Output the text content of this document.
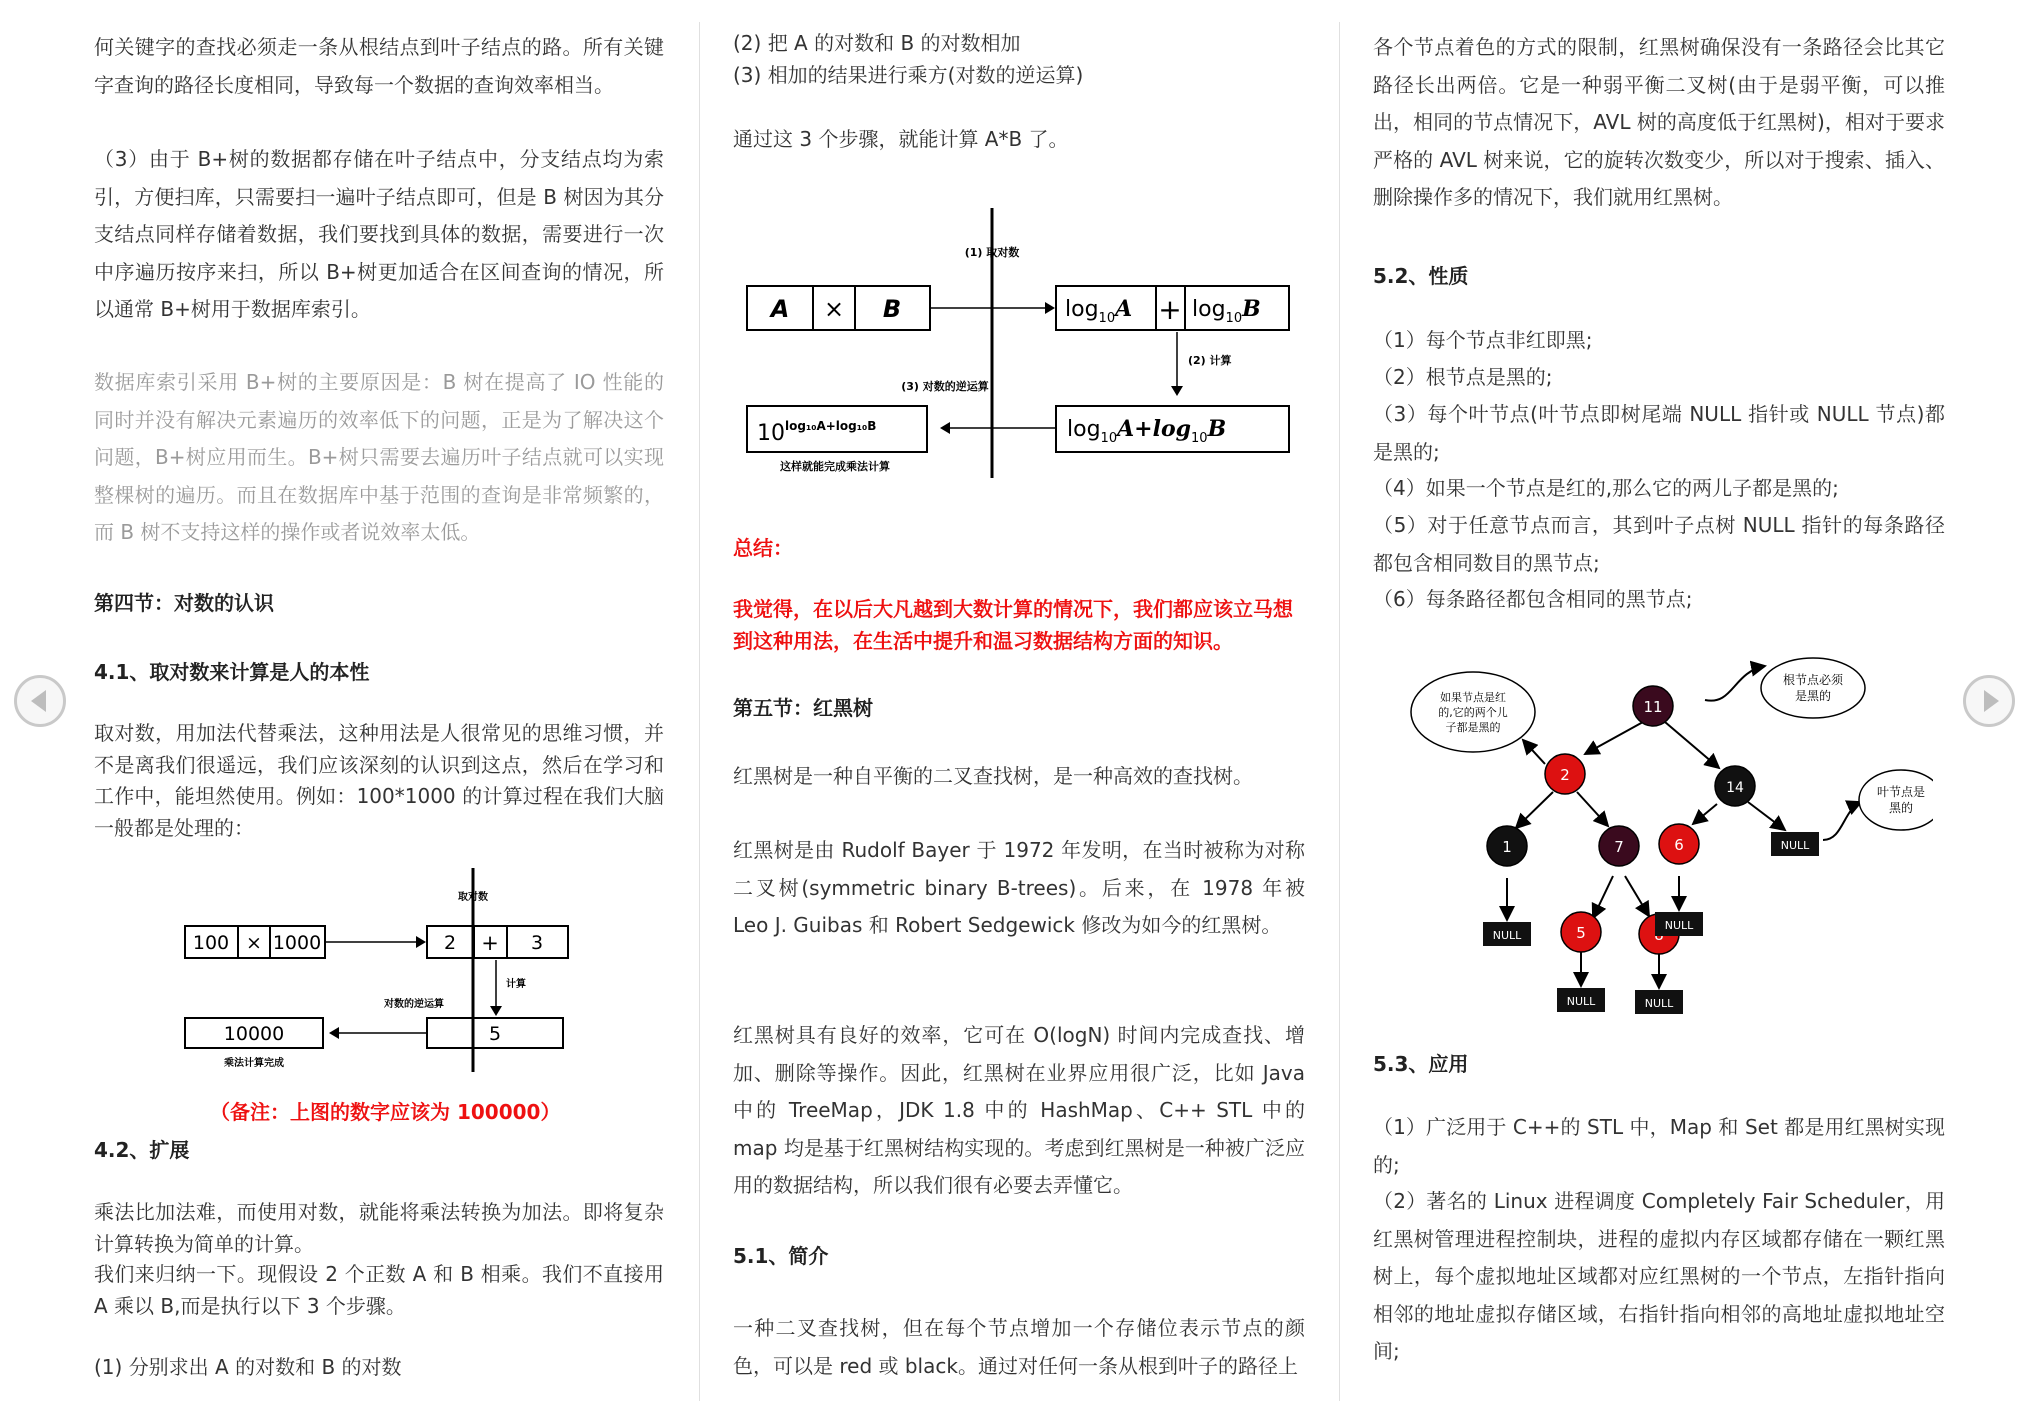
何关键字的查找必须走一条从根结点到叶子结点的路。所有关键字查询的路径长度相同，导致每一个数据的查询效率相当。

（3）由于 B+树的数据都存储在叶子结点中，分支结点均为索引，方便扫库，只需要扫一遍叶子结点即可，但是 B 树因为其分支结点同样存储着数据，我们要找到具体的数据，需要进行一次中序遍历按序来扫，所以 B+树更加适合在区间查询的情况，所以通常 B+树用于数据库索引。

数据库索引采用 B+树的主要原因是：B 树在提高了 IO 性能的同时并没有解决元素遍历的效率低下的问题，正是为了解决这个问题，B+树应用而生。B+树只需要去遍历叶子结点就可以实现整棵树的遍历。而且在数据库中基于范围的查询是非常频繁的，而 B 树不支持这样的操作或者说效率太低。

第四节：对数的认识

4.1、取对数来计算是人的本性

取对数，用加法代替乘法，这种用法是人很常见的思维习惯，并不是离我们很遥远，我们应该深刻的认识到这点，然后在学习和工作中，能坦然使用。例如：100*1000 的计算过程在我们大脑一般都是处理的：

取对数
100 × 1000	2 + 3
计算
对数的逆运算
10000	5
乘法计算完成
（备注：上图的数字应该为 100000）

4.2、扩展

乘法比加法难，而使用对数，就能将乘法转换为加法。即将复杂计算转换为简单的计算。

我们来归纳一下。现假设 2 个正数 A 和 B 相乘。我们不直接用 A 乘以 B,而是执行以下 3 个步骤。

(1) 分别求出 A 的对数和 B 的对数

(2) 把 A 的对数和 B 的对数相加

(3) 相加的结果进行乘方(对数的逆运算)

通过这 3 个步骤，就能计算 A*B 了。

(1) 取对数
A × B	$\log_{10}A + \log_{10}B$
(2) 计算
(3) 对数的逆运算
$10^{log_{10}A+log_{10}B}$	$\log_{10}A+\log_{10}B$
这样就能完成乘法计算

总结：

我觉得，在以后大凡越到大数计算的情况下，我们都应该立马想到这种用法，在生活中提升和温习数据结构方面的知识。

第五节：红黑树

红黑树是一种自平衡的二叉查找树，是一种高效的查找树。

红黑树是由 Rudolf Bayer 于 1972 年发明，在当时被称为对称二叉树(symmetric binary B-trees)。后来，在 1978 年被 Leo J. Guibas 和 Robert Sedgewick 修改为如今的红黑树。

红黑树具有良好的效率，它可在 O(logN) 时间内完成查找、增加、删除等操作。因此，红黑树在业界应用很广泛，比如 Java 中的 TreeMap，JDK 1.8 中的 HashMap、C++ STL 中的 map 均是基于红黑树结构实现的。考虑到红黑树是一种被广泛应用的数据结构，所以我们很有必要去弄懂它。

5.1、简介

一种二叉查找树，但在每个节点增加一个存储位表示节点的颜色，可以是 red 或 black。通过对任何一条从根到叶子的路径上

各个节点着色的方式的限制，红黑树确保没有一条路径会比其它路径长出两倍。它是一种弱平衡二叉树(由于是弱平衡，可以推出，相同的节点情况下，AVL 树的高度低于红黑树)，相对于要求严格的 AVL 树来说，它的旋转次数变少，所以对于搜索、插入、删除操作多的情况下，我们就用红黑树。

5.2、性质

（1）每个节点非红即黑;

（2）根节点是黑的;

（3）每个叶节点(叶节点即树尾端 NULL 指针或 NULL 节点)都是黑的;

（4）如果一个节点是红的,那么它的两儿子都是黑的;

（5）对于任意节点而言，其到叶子点树 NULL 指针的每条路径都包含相同数目的黑节点;

（6）每条路径都包含相同的黑节点;

11
2
14
1	7	6
5
NULL
NULL
NULL
NULL	NULL
根节点必须
是黑的
如果节点是红
的,它的两个儿
子都是黑的
叶节点是
黑的

5.3、应用

（1）广泛用于 C++的 STL 中，Map 和 Set 都是用红黑树实现的;

（2）著名的 Linux 进程调度 Completely Fair Scheduler，用红黑树管理进程控制块，进程的虚拟内存区域都存储在一颗红黑树上，每个虚拟地址区域都对应红黑树的一个节点，左指针指向相邻的地址虚拟存储区域，右指针指向相邻的高地址虚拟地址空间;
